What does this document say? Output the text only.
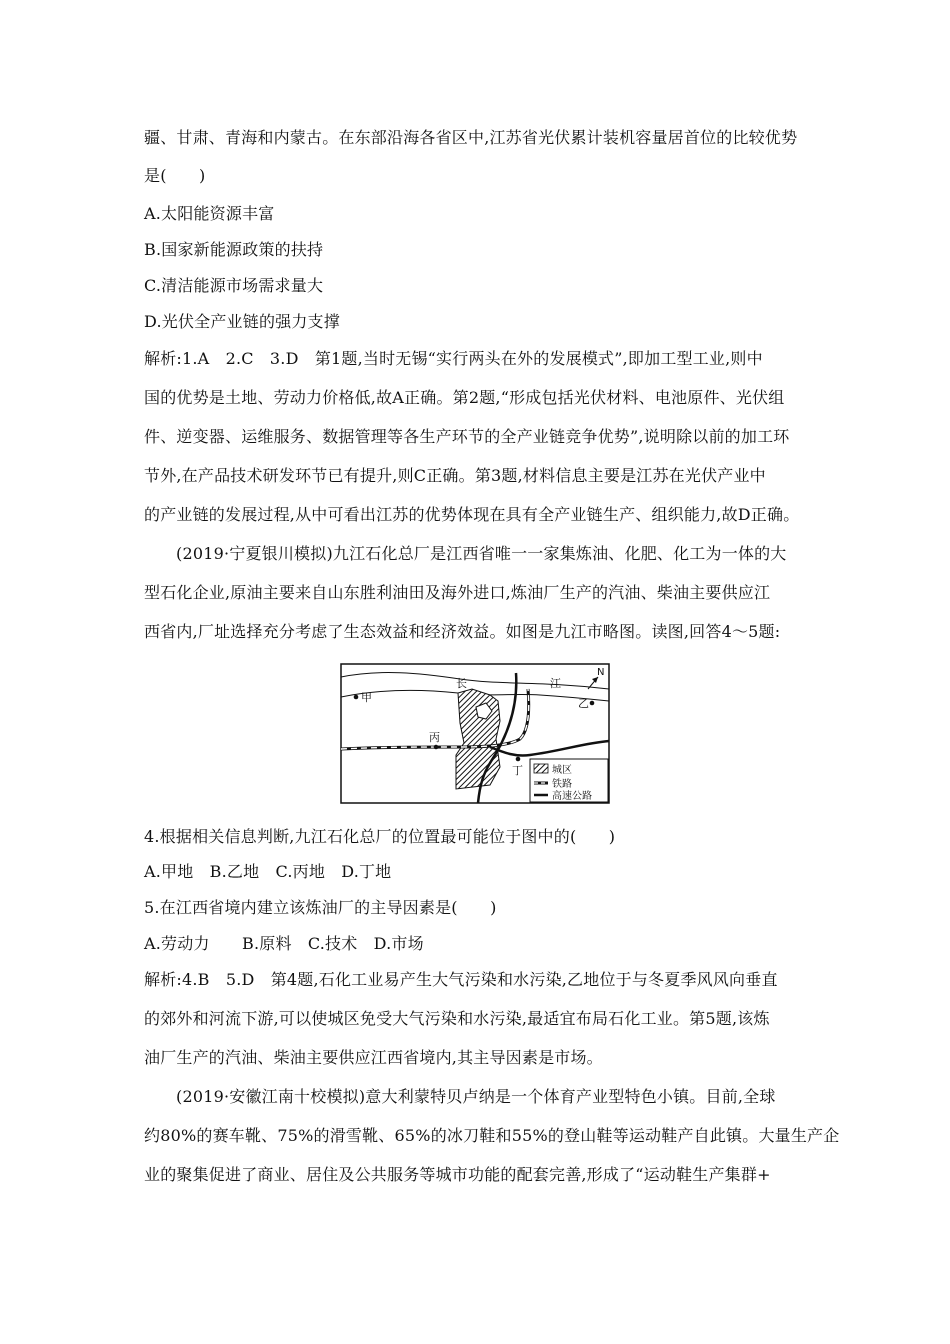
疆、甘肃、青海和内蒙古。在东部沿海各省区中,江苏省光伏累计装机容量居首位的比较优势
是(　　)
A.太阳能资源丰富
B.国家新能源政策的扶持
C.清洁能源市场需求量大
D.光伏全产业链的强力支撑
解析:1.A　2.C　3.D　第1题,当时无锡“实行两头在外的发展模式”,即加工型工业,则中
国的优势是土地、劳动力价格低,故A正确。第2题,“形成包括光伏材料、电池原件、光伏组
件、逆变器、运维服务、数据管理等各生产环节的全产业链竞争优势”,说明除以前的加工环
节外,在产品技术研发环节已有提升,则C正确。第3题,材料信息主要是江苏在光伏产业中
的产业链的发展过程,从中可看出江苏的优势体现在具有全产业链生产、组织能力,故D正确。
(2019·宁夏银川模拟)九江石化总厂是江西省唯一一家集炼油、化肥、化工为一体的大
型石化企业,原油主要来自山东胜利油田及海外进口,炼油厂生产的汽油、柴油主要供应江
西省内,厂址选择充分考虑了生态效益和经济效益。如图是九江市略图。读图,回答4～5题:
甲	乙
丙
丁
长	江
N
城区
铁路
高速公路
4.根据相关信息判断,九江石化总厂的位置最可能位于图中的(　　)
A.甲地　B.乙地　C.丙地　D.丁地
5.在江西省境内建立该炼油厂的主导因素是(　　)
A.劳动力　　B.原料　C.技术　D.市场
解析:4.B　5.D　第4题,石化工业易产生大气污染和水污染,乙地位于与冬夏季风风向垂直
的郊外和河流下游,可以使城区免受大气污染和水污染,最适宜布局石化工业。第5题,该炼
油厂生产的汽油、柴油主要供应江西省境内,其主导因素是市场。
(2019·安徽江南十校模拟)意大利蒙特贝卢纳是一个体育产业型特色小镇。目前,全球
约80%的赛车靴、75%的滑雪靴、65%的冰刀鞋和55%的登山鞋等运动鞋产自此镇。大量生产企
业的聚集促进了商业、居住及公共服务等城市功能的配套完善,形成了“运动鞋生产集群+
